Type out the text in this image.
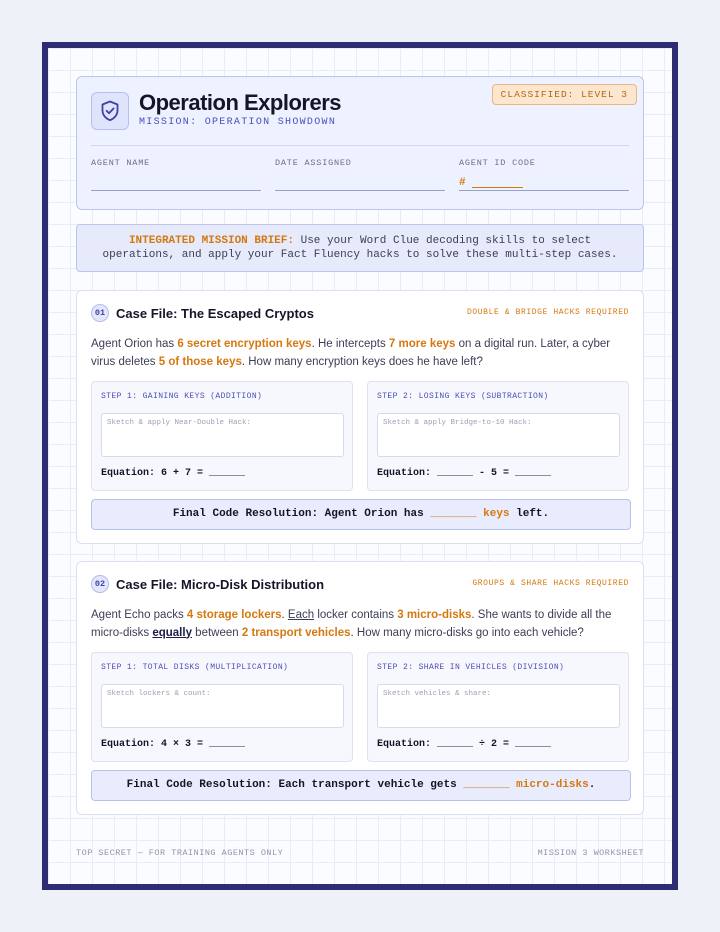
Operation Explorers
MISSION: OPERATION SHOWDOWN
CLASSIFIED: LEVEL 3
AGENT NAME	DATE ASSIGNED	AGENT ID CODE
#
INTEGRATED MISSION BRIEF: Use your Word Clue decoding skills to select operations, and apply your Fact Fluency hacks to solve these multi-step cases.
01 Case File: The Escaped Cryptos	DOUBLE & BRIDGE HACKS REQUIRED
Agent Orion has 6 secret encryption keys. He intercepts 7 more keys on a digital run. Later, a cyber virus deletes 5 of those keys. How many encryption keys does he have left?
STEP 1: GAINING KEYS (ADDITION)
Sketch & apply Near-Double Hack:
Equation: 6 + 7 = ______
STEP 2: LOSING KEYS (SUBTRACTION)
Sketch & apply Bridge-to-10 Hack:
Equation: ______ - 5 = ______
Final Code Resolution: Agent Orion has _______ keys left.
02 Case File: Micro-Disk Distribution	GROUPS & SHARE HACKS REQUIRED
Agent Echo packs 4 storage lockers. Each locker contains 3 micro-disks. She wants to divide all the micro-disks equally between 2 transport vehicles. How many micro-disks go into each vehicle?
STEP 1: TOTAL DISKS (MULTIPLICATION)
Sketch lockers & count:
Equation: 4 × 3 = ______
STEP 2: SHARE IN VEHICLES (DIVISION)
Sketch vehicles & share:
Equation: ______ ÷ 2 = ______
Final Code Resolution: Each transport vehicle gets _______ micro-disks.
TOP SECRET — FOR TRAINING AGENTS ONLY	MISSION 3 WORKSHEET
